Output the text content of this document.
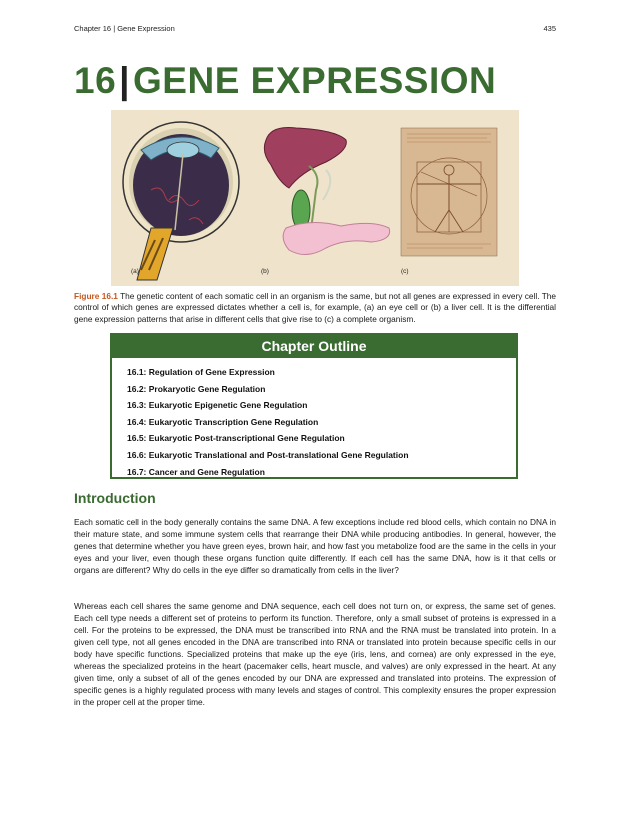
Chapter 16 | Gene Expression	435
16|GENE EXPRESSION
(a)	(b)	(c)
Figure 16.1 The genetic content of each somatic cell in an organism is the same, but not all genes are expressed in every cell. The control of which genes are expressed dictates whether a cell is, for example, (a) an eye cell or (b) a liver cell. It is the differential gene expression patterns that arise in different cells that give rise to (c) a complete organism.
Chapter Outline
16.1: Regulation of Gene Expression
16.2: Prokaryotic Gene Regulation
16.3: Eukaryotic Epigenetic Gene Regulation
16.4: Eukaryotic Transcription Gene Regulation
16.5: Eukaryotic Post-transcriptional Gene Regulation
16.6: Eukaryotic Translational and Post-translational Gene Regulation
16.7: Cancer and Gene Regulation
Introduction

Each somatic cell in the body generally contains the same DNA. A few exceptions include red blood cells, which contain no DNA in their mature state, and some immune system cells that rearrange their DNA while producing antibodies. In general, however, the genes that determine whether you have green eyes, brown hair, and how fast you metabolize food are the same in the cells in your eyes and your liver, even though these organs function quite differently. If each cell has the same DNA, how is it that cells or organs are different? Why do cells in the eye differ so dramatically from cells in the liver?

Whereas each cell shares the same genome and DNA sequence, each cell does not turn on, or express, the same set of genes. Each cell type needs a different set of proteins to perform its function. Therefore, only a small subset of proteins is expressed in a cell. For the proteins to be expressed, the DNA must be transcribed into RNA and the RNA must be translated into protein. In a given cell type, not all genes encoded in the DNA are transcribed into RNA or translated into protein because specific cells in our body have specific functions. Specialized proteins that make up the eye (iris, lens, and cornea) are only expressed in the eye, whereas the specialized proteins in the heart (pacemaker cells, heart muscle, and valves) are only expressed in the heart. At any given time, only a subset of all of the genes encoded by our DNA are expressed and translated into proteins. The expression of specific genes is a highly regulated process with many levels and stages of control. This complexity ensures the proper expression in the proper cell at the proper time.
